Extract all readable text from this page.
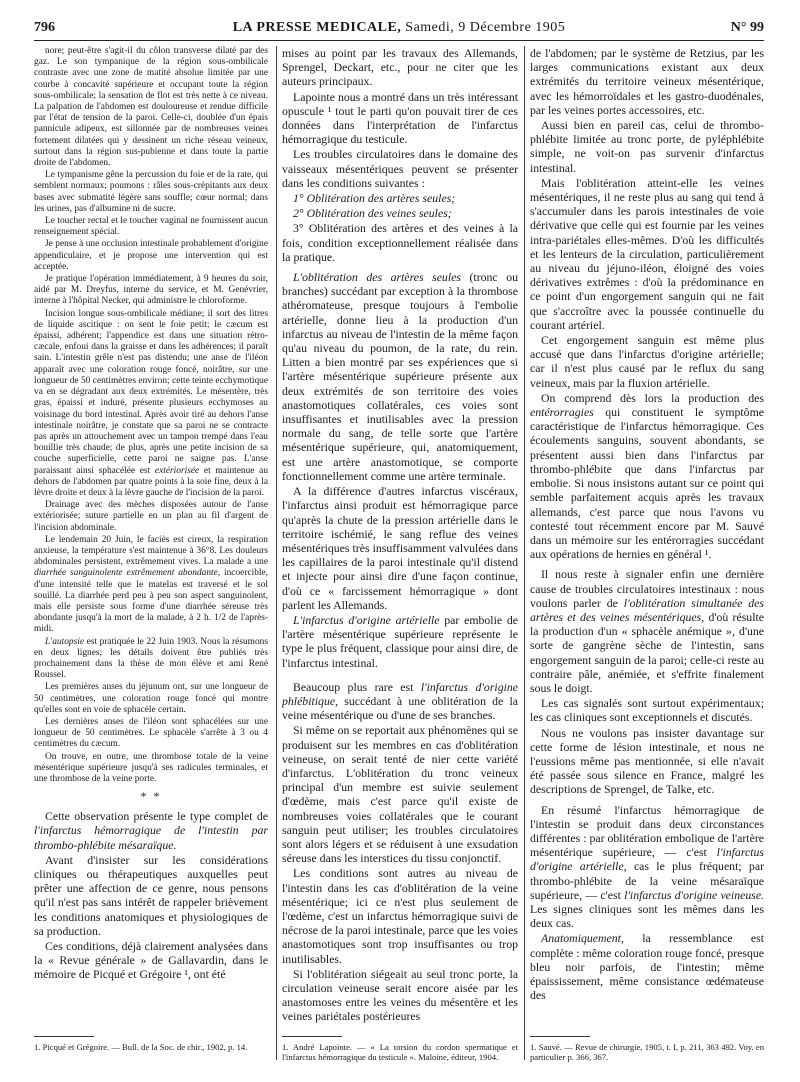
796	LA PRESSE MEDICALE, Samedi, 9 Décembre 1905	N° 99

nore; peut-être s'agit-il du côlon transverse dilaté par des gaz. Le son tympanique de la région sous-ombilicale contraste avec une zone de matité absolue limitée par une courbe à concavité supérieure et occupant toute la région sous-ombilicale; la sensation de flot est très nette à ce niveau. La palpation de l'abdomen est douloureuse et rendue difficile par l'état de tension de la paroi. Celle-ci, doublée d'un épais pannicule adipeux, est sillonnée par de nombreuses veines fortement dilatées qui y dessinent un riche réseau veineux, surtout dans la région sus-pubienne et dans toute la partie droite de l'abdomen.

Le tympanisme gêne la percussion du foie et de la rate, qui semblent normaux; poumons : râles sous-crépitants aux deux bases avec submatité légère sans souffle; cœur normal; dans les urines, pas d'albumine ni de sucre.

Le toucher rectal et le toucher vaginal ne fournissent aucun renseignement spécial.

Je pense à une occlusion intestinale probablement d'origine appendiculaire, et je propose une intervention qui est acceptée.

Je pratique l'opération immédiatement, à 9 heures du soir, aidé par M. Dreyfus, interne du service, et M. Genévrier, interne à l'hôpital Necker, qui administre le chloroforme.

Incision longue sous-ombilicale médiane; il sort des litres de liquide ascitique : on sent le foie petit; le cæcum est épaissi, adhérent; l'appendice est dans une situation rétro-cæcale, enfoui dans la graisse et dans les adhérences; il paraît sain. L'intestin grêle n'est pas distendu; une anse de l'iléon apparaît avec une coloration rouge foncé, noirâtre, sur une longueur de 50 centimètres environ; cette teinte ecchymotique va en se dégradant aux deux extrémités. Le mésentère, très gras, épaissi et induré, présente plusieurs ecchymoses au voisinage du bord intestinal. Après avoir tiré au dehors l'anse intestinale noirâtre, je constate que sa paroi ne se contracte pas après un attouchement avec un tampon trempé dans l'eau bouillie très chaude; de plus, après une petite incision de sa couche superficielle, cette paroi ne saigne pas. L'anse paraissant ainsi sphacélée est extériorisée et maintenue au dehors de l'abdomen par quatre points à la soie fine, deux à la lèvre droite et deux à la lèvre gauche de l'incision de la paroi.

Drainage avec des mèches disposées autour de l'anse extériorisée; suture partielle en un plan au fil d'argent de l'incision abdominale.

Le lendemain 20 Juin, le faciès est cireux, la respiration anxieuse, la température s'est maintenue à 36°8. Les douleurs abdominales persistent, extrêmement vives. La malade a une diarrhée sanguinolente extrêmement abondante, incoercible, d'une intensité telle que le matelas est traversé et le sol souillé. La diarrhée perd peu à peu son aspect sanguinolent, mais elle persiste sous forme d'une diarrhée séreuse très abondante jusqu'à la mort de la malade, à 2 h. 1/2 de l'après-midi.

L'autopsie est pratiquée le 22 Juin 1903. Nous la résumons en deux lignes; les détails doivent être publiés très prochainement dans la thèse de mon élève et ami René Roussel.

Les premières anses du jéjunum ont, sur une longueur de 50 centimètres, une coloration rouge foncé qui montre qu'elles sont en voie de sphacèle certain.

Les dernières anses de l'iléon sont sphacélées sur une longueur de 50 centimètres. Le sphacèle s'arrête à 3 ou 4 centimètres du cæcum.

On trouve, en outre, une thrombose totale de la veine mésentérique supérieure jusqu'à ses radicules terminales, et une thrombose de la veine porte.

* *

Cette observation présente le type complet de l'infarctus hémorragique de l'intestin par thrombo-phlébite mésaraïque.

Avant d'insister sur les considérations cliniques ou thérapeutiques auxquelles peut prêter une affection de ce genre, nous pensons qu'il n'est pas sans intérêt de rappeler brièvement les conditions anatomiques et physiologiques de sa production.

Ces conditions, déjà clairement analysées dans la « Revue générale » de Gallavardin, dans le mémoire de Picqué et Grégoire ¹, ont été

1. Picqué et Grégoire. — Bull. de la Soc. de chir., 1902, p. 14.

mises au point par les travaux des Allemands, Sprengel, Deckart, etc., pour ne citer que les auteurs principaux.

Lapointe nous a montré dans un très intéressant opuscule ¹ tout le parti qu'on pouvait tirer de ces données dans l'interprétation de l'infarctus hémorragique du testicule.

Les troubles circulatoires dans le domaine des vaisseaux mésentériques peuvent se présenter dans les conditions suivantes :

1° Oblitération des artères seules;

2° Oblitération des veines seules;

3° Oblitération des artères et des veines à la fois, condition exceptionnellement réalisée dans la pratique.

L'oblitération des artères seules (tronc ou branches) succédant par exception à la thrombose athéromateuse, presque toujours à l'embolie artérielle, donne lieu à la production d'un infarctus au niveau de l'intestin de la même façon qu'au niveau du poumon, de la rate, du rein. Litten a bien montré par ses expériences que si l'artère mésentérique supérieure présente aux deux extrémités de son territoire des voies anastomotiques collatérales, ces voies sont insuffisantes et inutilisables avec la pression normale du sang, de telle sorte que l'artère mésentérique supérieure, qui, anatomiquement, est une artère anastomotique, se comporte fonctionnellement comme une artère terminale.

A la différence d'autres infarctus viscéraux, l'infarctus ainsi produit est hémorragique parce qu'après la chute de la pression artérielle dans le territoire ischémié, le sang reflue des veines mésentériques très insuffisamment valvulées dans les capillaires de la paroi intestinale qu'il distend et injecte pour ainsi dire d'une façon continue, d'où ce « farcissement hémorragique » dont parlent les Allemands.

L'infarctus d'origine artérielle par embolie de l'artère mésentérique supérieure représente le type le plus fréquent, classique pour ainsi dire, de l'infarctus intestinal.

Beaucoup plus rare est l'infarctus d'origine phlébitique, succédant à une oblitération de la veine mésentérique ou d'une de ses branches.

Si même on se reportait aux phénomènes qui se produisent sur les membres en cas d'oblitération veineuse, on serait tenté de nier cette variété d'infarctus. L'oblitération du tronc veineux principal d'un membre est suivie seulement d'œdème, mais c'est parce qu'il existe de nombreuses voies collatérales que le courant sanguin peut utiliser; les troubles circulatoires sont alors légers et se réduisent à une exsudation séreuse dans les interstices du tissu conjonctif.

Les conditions sont autres au niveau de l'intestin dans les cas d'oblitération de la veine mésentérique; ici ce n'est plus seulement de l'œdème, c'est un infarctus hémorragique suivi de nécrose de la paroi intestinale, parce que les voies anastomotiques sont trop insuffisantes ou trop inutilisables.

Si l'oblitération siégeait au seul tronc porte, la circulation veineuse serait encore aisée par les anastomoses entre les veines du mésentère et les veines pariétales postérieures

1. André Lapointe. — « La torsion du cordon spermatique et l'infarctus hémorragique du testicule ». Maloine, éditeur, 1904.

de l'abdomen; par le système de Retzius, par les larges communications existant aux deux extrémités du territoire veineux mésentérique, avec les hémorroïdales et les gastro-duodénales, par les veines portes accessoires, etc.

Aussi bien en pareil cas, celui de thrombo-phlébite limitée au tronc porte, de pyléphlébite simple, ne voit-on pas survenir d'infarctus intestinal.

Mais l'oblitération atteint-elle les veines mésentériques, il ne reste plus au sang qui tend à s'accumuler dans les parois intestinales de voie dérivative que celle qui est fournie par les veines intra-pariétales elles-mêmes. D'où les difficultés et les lenteurs de la circulation, particulièrement au niveau du jéjuno-iléon, éloigné des voies dérivatives extrêmes : d'où la prédominance en ce point d'un engorgement sanguin qui ne fait que s'accroître avec la poussée continuelle du courant artériel.

Cet engorgement sanguin est même plus accusé que dans l'infarctus d'origine artérielle; car il n'est plus causé par le reflux du sang veineux, mais par la fluxion artérielle.

On comprend dès lors la production des entérorragies qui constituent le symptôme caractéristique de l'infarctus hémorragique. Ces écoulements sanguins, souvent abondants, se présentent aussi bien dans l'infarctus par thrombo-phlébite que dans l'infarctus par embolie. Si nous insistons autant sur ce point qui semble parfaitement acquis après les travaux allemands, c'est parce que nous l'avons vu contesté tout récemment encore par M. Sauvé dans un mémoire sur les entérorragies succédant aux opérations de hernies en général ¹.

Il nous reste à signaler enfin une dernière cause de troubles circulatoires intestinaux : nous voulons parler de l'oblitération simultanée des artères et des veines mésentériques, d'où résulte la production d'un « sphacèle anémique », d'une sorte de gangrène sèche de l'intestin, sans engorgement sanguin de la paroi; celle-ci reste au contraire pâle, anémiée, et s'effrite finalement sous le doigt.

Les cas signalés sont surtout expérimentaux; les cas cliniques sont exceptionnels et discutés.

Nous ne voulons pas insister davantage sur cette forme de lésion intestinale, et nous ne l'eussions même pas mentionnée, si elle n'avait été passée sous silence en France, malgré les descriptions de Sprengel, de Talke, etc.

En résumé l'infarctus hémorragique de l'intestin se produit dans deux circonstances différentes : par oblitération embolique de l'artère mésentérique supérieure, — c'est l'infarctus d'origine artérielle, cas le plus fréquent; par thrombo-phlébite de la veine mésaraïque supérieure, — c'est l'infarctus d'origine veineuse. Les signes cliniques sont les mêmes dans les deux cas.

Anatomiquement, la ressemblance est complète : même coloration rouge foncé, presque bleu noir parfois, de l'intestin; même épaississement, même consistance œdémateuse des

1. Sauvé. — Revue de chirurgie, 1905, t. I, p. 211, 363 492. Voy. en particulier p. 366, 367.
